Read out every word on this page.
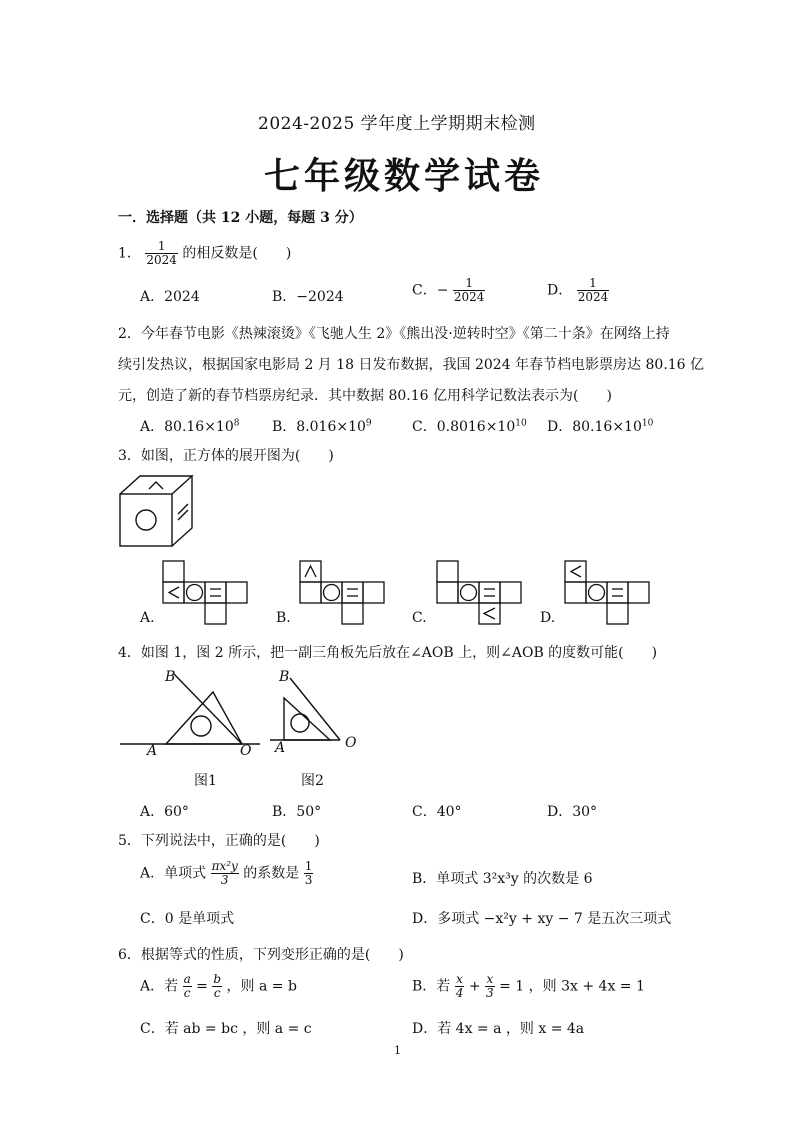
2024-2025 学年度上学期期末检测
七年级数学试卷
一．选择题（共 12 小题，每题 3 分）
1． $\frac{1}{2024}$ 的相反数是(　　)
A．2024	B．−2024	C．− $\frac{1}{2024}$	D． $\frac{1}{2024}$
2．今年春节电影《热辣滚烫》《飞驰人生 2》《熊出没·逆转时空》《第二十条》在网络上持
续引发热议，根据国家电影局 2 月 18 日发布数据，我国 2024 年春节档电影票房达 80.16 亿
元，创造了新的春节档票房纪录．其中数据 80.16 亿用科学记数法表示为(　　)
A．$80.16\times 10^8$ B．$8.016\times 10^9$	C．$0.8016\times 10^{10}$ D．$80.16\times 10^{10}$
3．如图，正方体的展开图为(　　)
A.	B.	C.	D.
4．如图 1，图 2 所示，把一副三角板先后放在∠AOB 上，则∠AOB 的度数可能(　　)
B
A	O
图1
B
A	O
图2
A．60°	B．50°	C．40°	D．30°
5．下列说法中，正确的是(　　)
A．单项式 $\frac{\text{πx²y}}{3}$ 的系数是 $\frac{1}{3}$	B．单项式 3²x³y 的次数是 6
C．0 是单项式	D．多项式 −x²y + xy − 7 是五次三项式
6．根据等式的性质，下列变形正确的是(　　)
A．若 $\frac{a}{c} = \frac{b}{c}$ ，则 a = b	B．若 $\frac{x}{4} + \frac{x}{3} = 1$ ，则 3x + 4x = 1
C．若 ab = bc ，则 a = c	D．若 4x = a ，则 x = 4a
1
